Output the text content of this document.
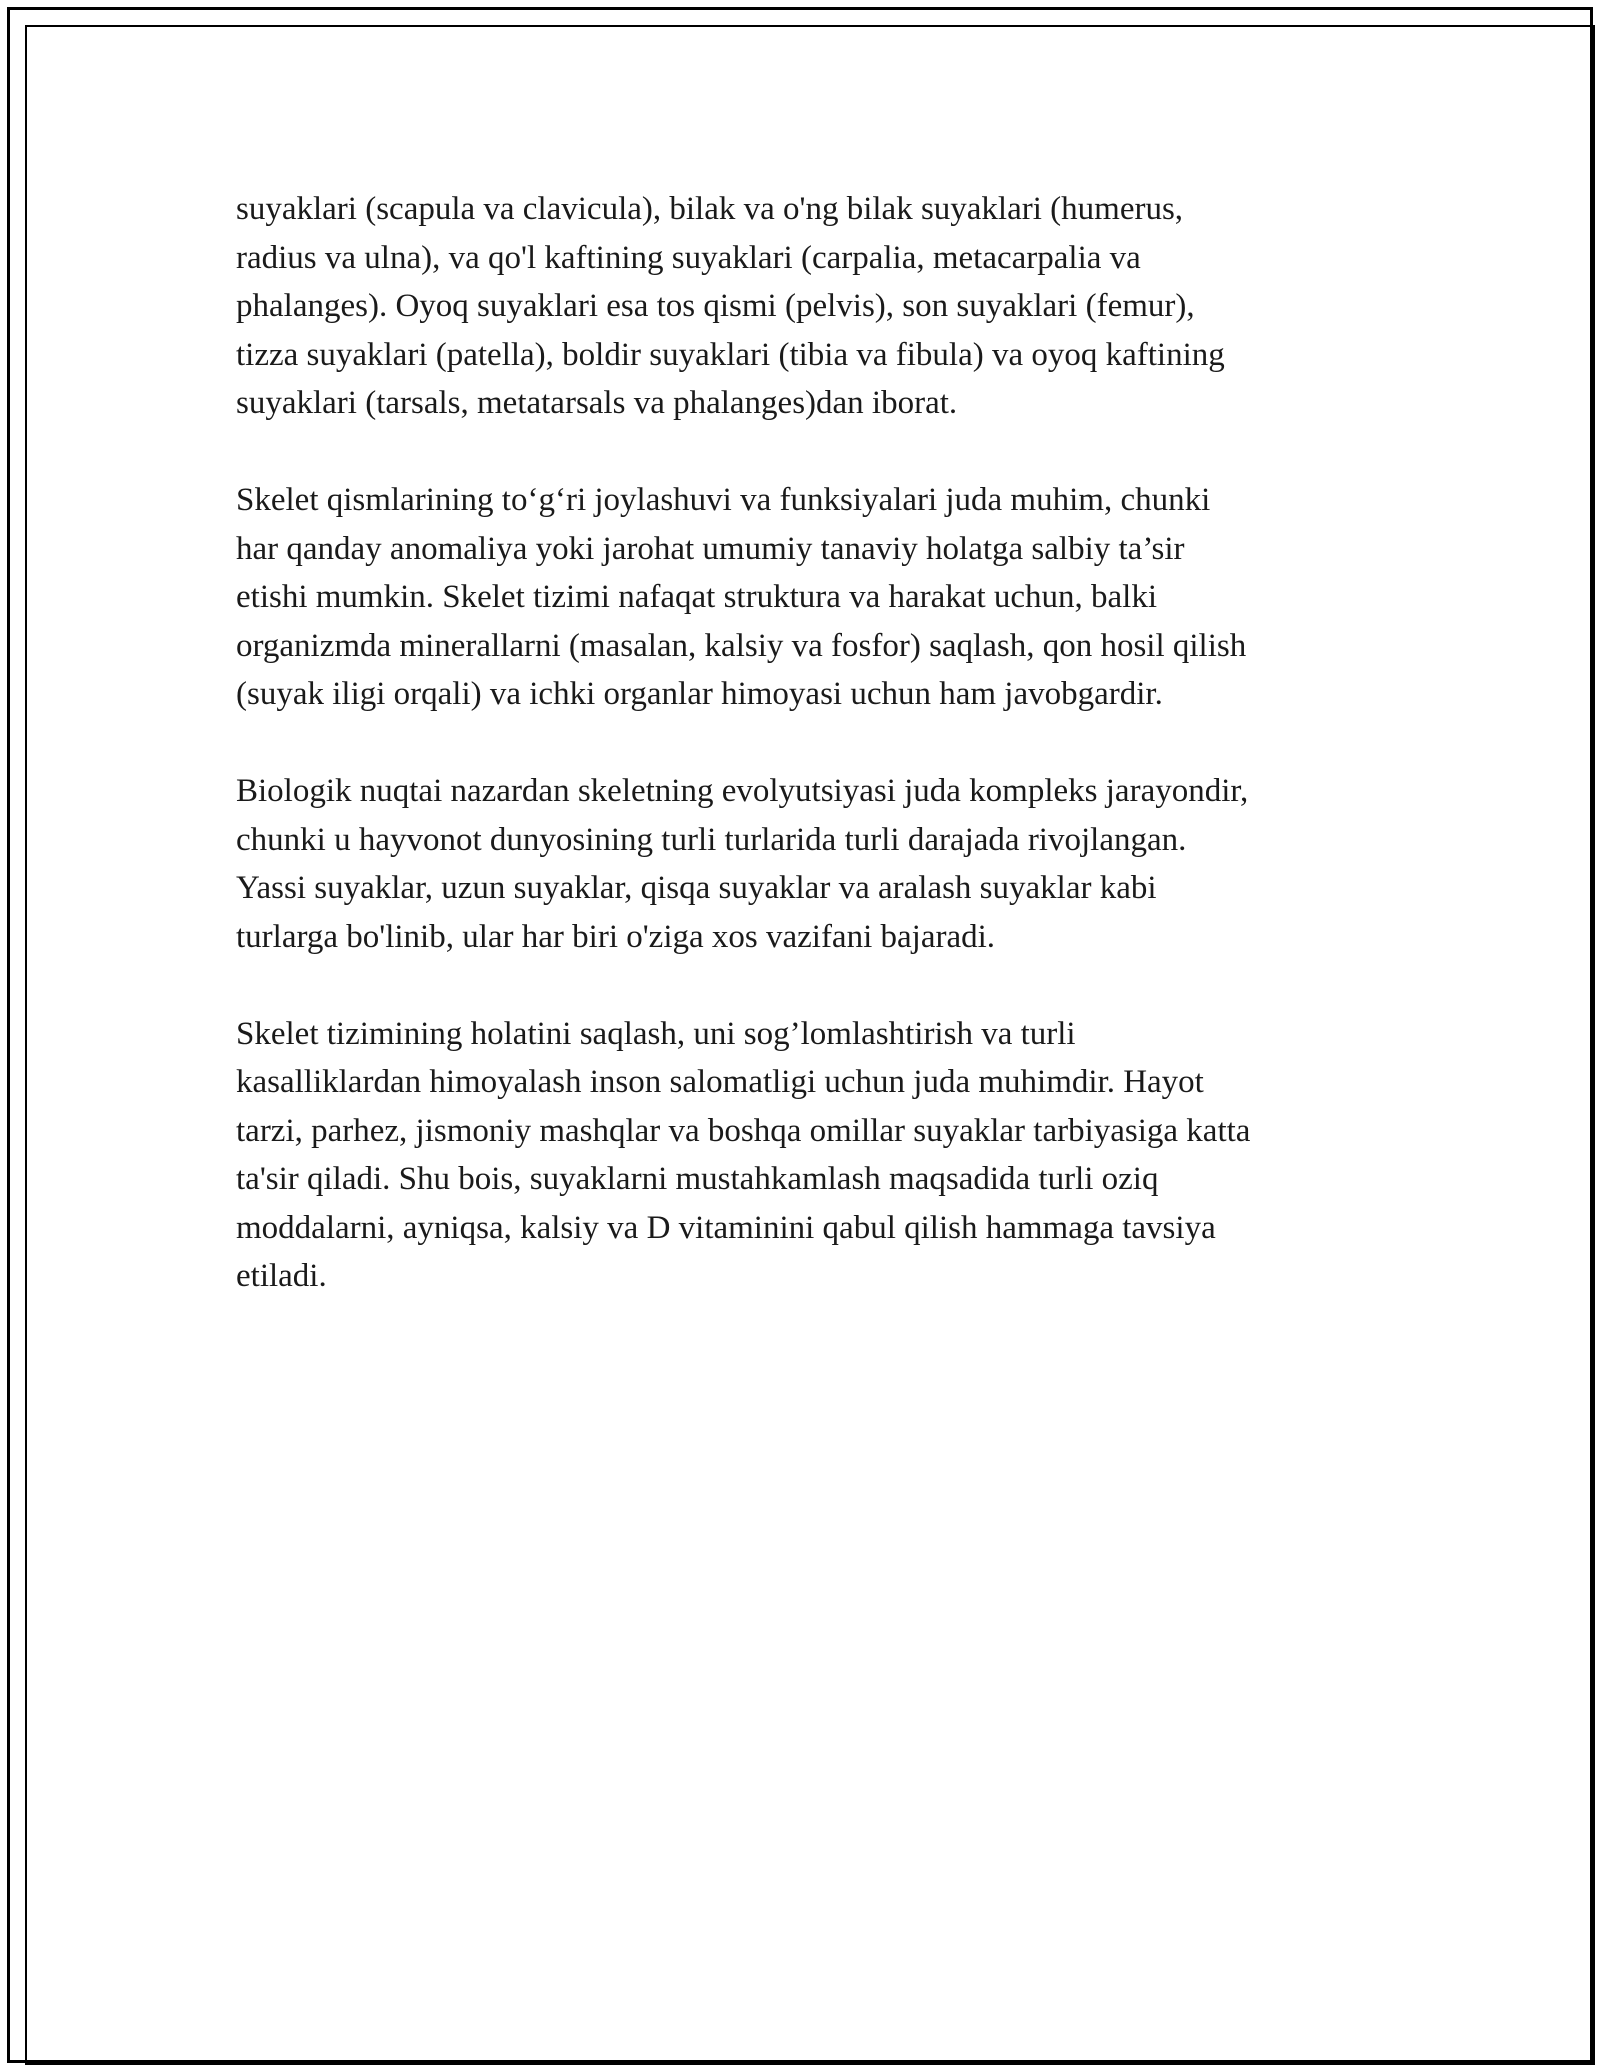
suyaklari (scapula va clavicula), bilak va o'ng bilak suyaklari (humerus,
radius va ulna), va qo'l kaftining suyaklari (carpalia, metacarpalia va
phalanges). Oyoq suyaklari esa tos qismi (pelvis), son suyaklari (femur),
tizza suyaklari (patella), boldir suyaklari (tibia va fibula) va oyoq kaftining
suyaklari (tarsals, metatarsals va phalanges)dan iborat.

Skelet qismlarining to‘g‘ri joylashuvi va funksiyalari juda muhim, chunki
har qanday anomaliya yoki jarohat umumiy tanaviy holatga salbiy ta’sir
etishi mumkin. Skelet tizimi nafaqat struktura va harakat uchun, balki
organizmda minerallarni (masalan, kalsiy va fosfor) saqlash, qon hosil qilish
(suyak iligi orqali) va ichki organlar himoyasi uchun ham javobgardir.

Biologik nuqtai nazardan skeletning evolyutsiyasi juda kompleks jarayondir,
chunki u hayvonot dunyosining turli turlarida turli darajada rivojlangan.
Yassi suyaklar, uzun suyaklar, qisqa suyaklar va aralash suyaklar kabi
turlarga bo'linib, ular har biri o'ziga xos vazifani bajaradi.

Skelet tizimining holatini saqlash, uni sog’lomlashtirish va turli
kasalliklardan himoyalash inson salomatligi uchun juda muhimdir. Hayot
tarzi, parhez, jismoniy mashqlar va boshqa omillar suyaklar tarbiyasiga katta
ta'sir qiladi. Shu bois, suyaklarni mustahkamlash maqsadida turli oziq
moddalarni, ayniqsa, kalsiy va D vitaminini qabul qilish hammaga tavsiya
etiladi.
